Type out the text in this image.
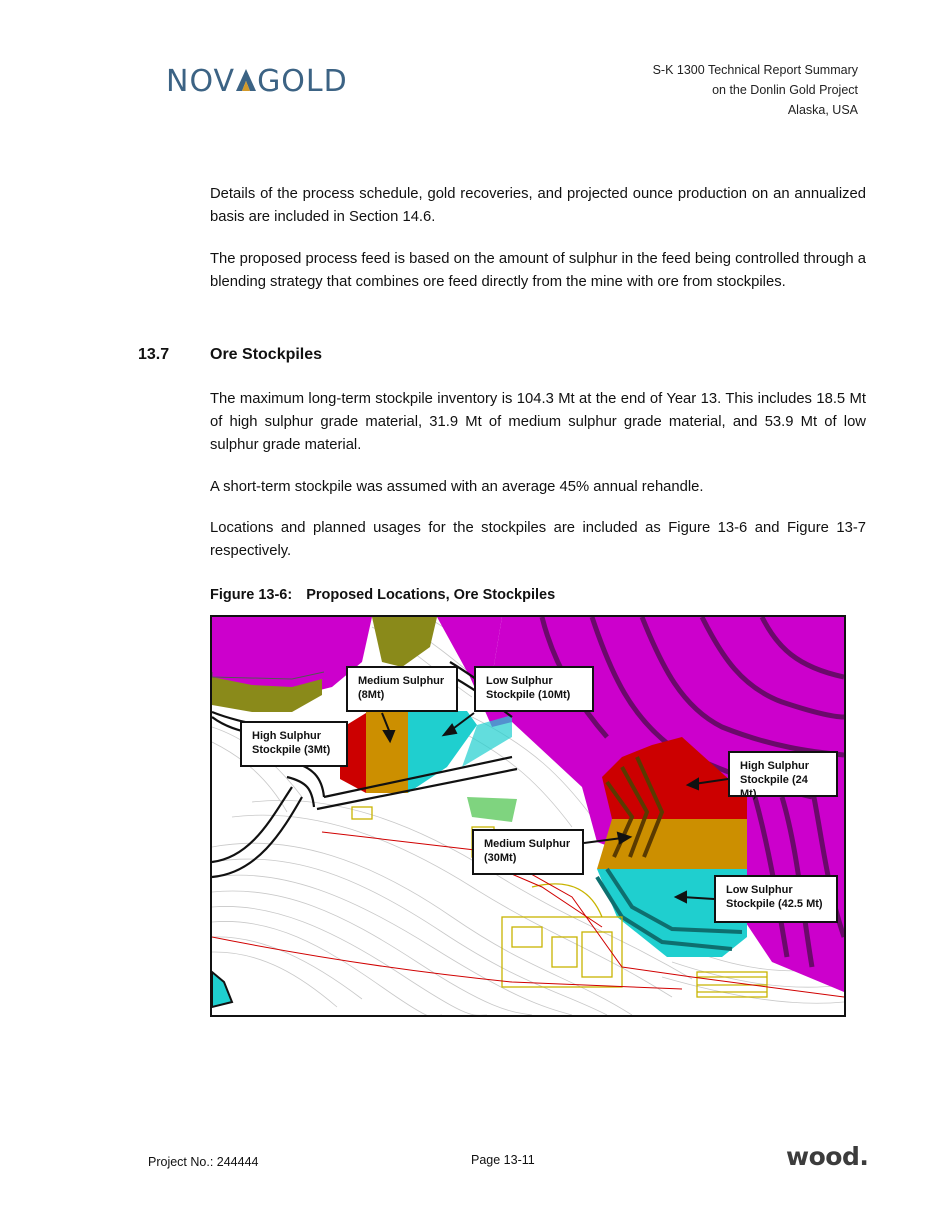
NOV GOLD	S-K 1300 Technical Report Summary
on the Donlin Gold Project
Alaska, USA
Details of the process schedule, gold recoveries, and projected ounce production on an annualized basis are included in Section 14.6.
The proposed process feed is based on the amount of sulphur in the feed being controlled through a blending strategy that combines ore feed directly from the mine with ore from stockpiles.
13.7	Ore Stockpiles
The maximum long-term stockpile inventory is 104.3 Mt at the end of Year 13. This includes 18.5 Mt of high sulphur grade material, 31.9 Mt of medium sulphur grade material, and 53.9 Mt of low sulphur grade material.
A short-term stockpile was assumed with an average 45% annual rehandle.
Locations and planned usages for the stockpiles are included as Figure 13-6 and Figure 13-7 respectively.
Figure 13-6: Proposed Locations, Ore Stockpiles
Medium Sulphur
(8Mt)
Low Sulphur
Stockpile (10Mt)
High Sulphur
Stockpile (3Mt)
High Sulphur
Stockpile (24 Mt)
Medium Sulphur
(30Mt)
Low Sulphur
Stockpile (42.5 Mt)
Project No.: 244444	Page 13-11	wood.
